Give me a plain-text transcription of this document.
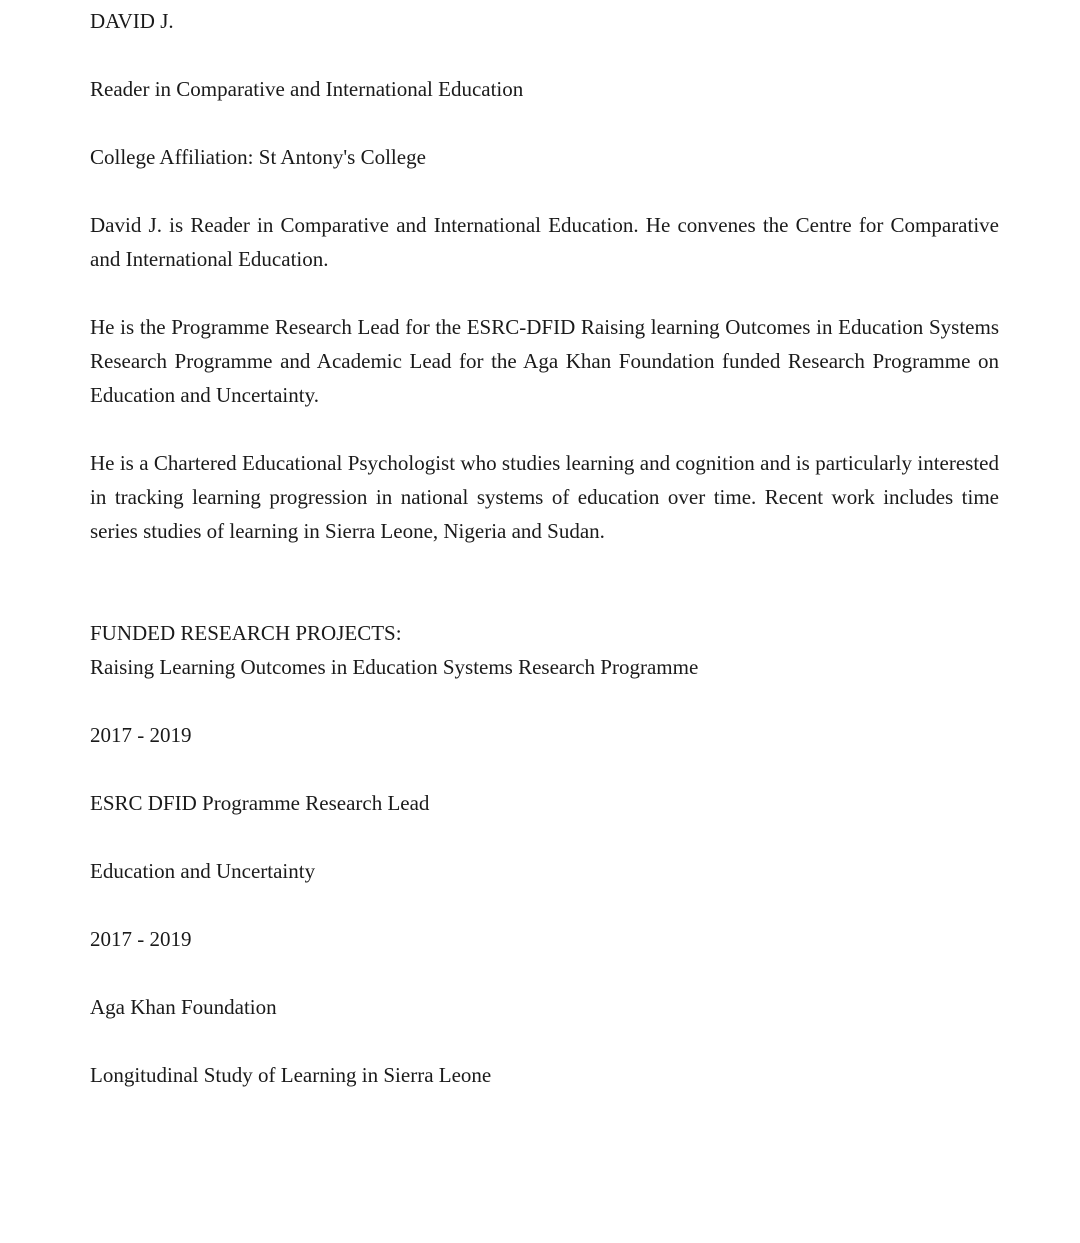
DAVID J.

Reader in Comparative and International Education

College Affiliation: St Antony's College

David J. is Reader in Comparative and International Education. He convenes the Centre for Comparative and International Education.

He is the Programme Research Lead for the ESRC-DFID Raising learning Outcomes in Education Systems Research Programme and Academic Lead for the Aga Khan Foundation funded Research Programme on Education and Uncertainty.

He is a Chartered Educational Psychologist who studies learning and cognition and is particularly interested in tracking learning progression in national systems of education over time. Recent work includes time series studies of learning in Sierra Leone, Nigeria and Sudan.

FUNDED RESEARCH PROJECTS:

Raising Learning Outcomes in Education Systems Research Programme

2017 - 2019

ESRC DFID Programme Research Lead

Education and Uncertainty

2017 - 2019

Aga Khan Foundation

Longitudinal Study of Learning in Sierra Leone
